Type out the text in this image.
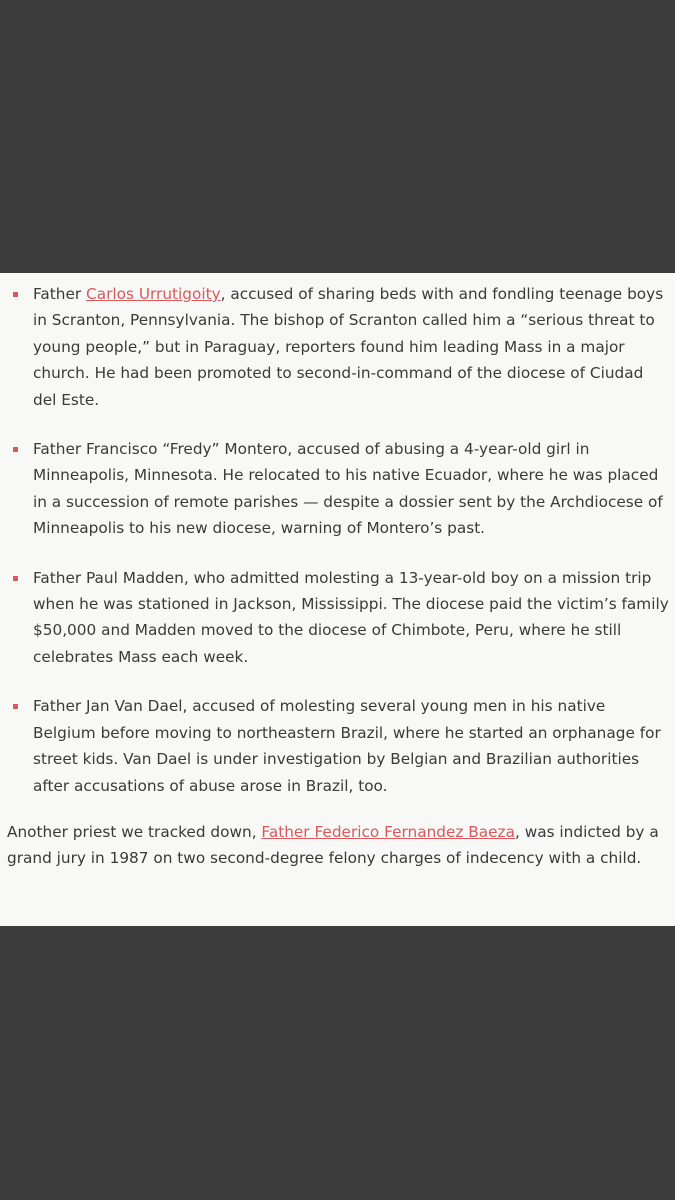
Father Carlos Urrutigoity, accused of sharing beds with and fondling teenage boys in Scranton, Pennsylvania. The bishop of Scranton called him a “serious threat to young people,” but in Paraguay, reporters found him leading Mass in a major church. He had been promoted to second-in-command of the diocese of Ciudad del Este.
Father Francisco “Fredy” Montero, accused of abusing a 4-year-old girl in Minneapolis, Minnesota. He relocated to his native Ecuador, where he was placed in a succession of remote parishes — despite a dossier sent by the Archdiocese of Minneapolis to his new diocese, warning of Montero’s past.
Father Paul Madden, who admitted molesting a 13-year-old boy on a mission trip when he was stationed in Jackson, Mississippi. The diocese paid the victim’s family $50,000 and Madden moved to the diocese of Chimbote, Peru, where he still celebrates Mass each week.
Father Jan Van Dael, accused of molesting several young men in his native Belgium before moving to northeastern Brazil, where he started an orphanage for street kids. Van Dael is under investigation by Belgian and Brazilian authorities after accusations of abuse arose in Brazil, too.

Another priest we tracked down, Father Federico Fernandez Baeza, was indicted by a grand jury in 1987 on two second-degree felony charges of indecency with a child.
